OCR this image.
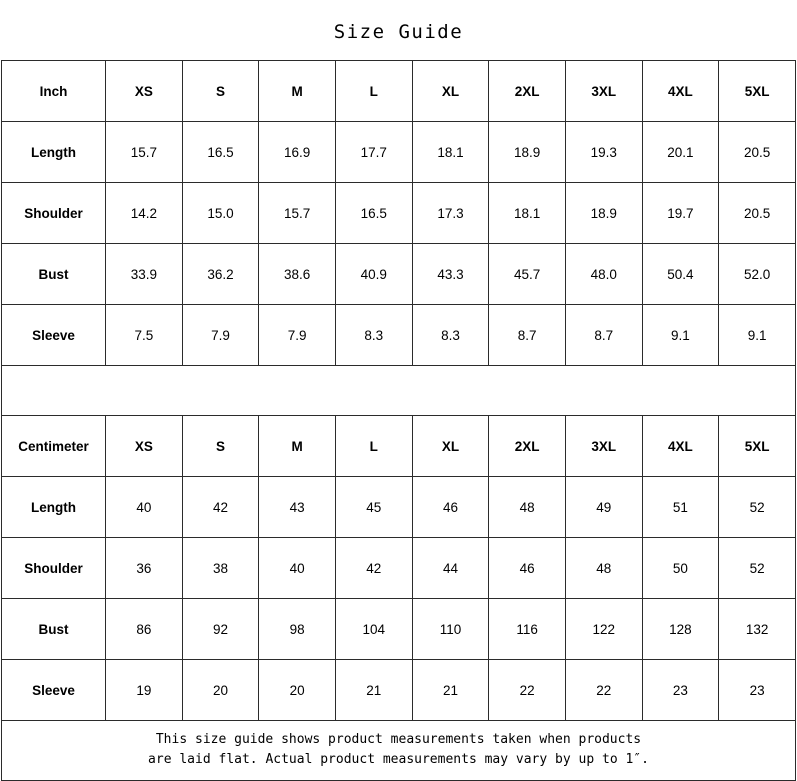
Size Guide
Inch	XS	S	M	L	XL	2XL	3XL	4XL	5XL
Length	15.7	16.5	16.9	17.7	18.1	18.9	19.3	20.1	20.5
Shoulder	14.2	15.0	15.7	16.5	17.3	18.1	18.9	19.7	20.5
Bust	33.9	36.2	38.6	40.9	43.3	45.7	48.0	50.4	52.0
Sleeve	7.5	7.9	7.9	8.3	8.3	8.7	8.7	9.1	9.1
Centimeter	XS	S	M	L	XL	2XL	3XL	4XL	5XL
Length	40	42	43	45	46	48	49	51	52
Shoulder	36	38	40	42	44	46	48	50	52
Bust	86	92	98	104	110	116	122	128	132
Sleeve	19	20	20	21	21	22	22	23	23
This size guide shows product measurements taken when products
are laid flat. Actual product measurements may vary by up to 1″.
